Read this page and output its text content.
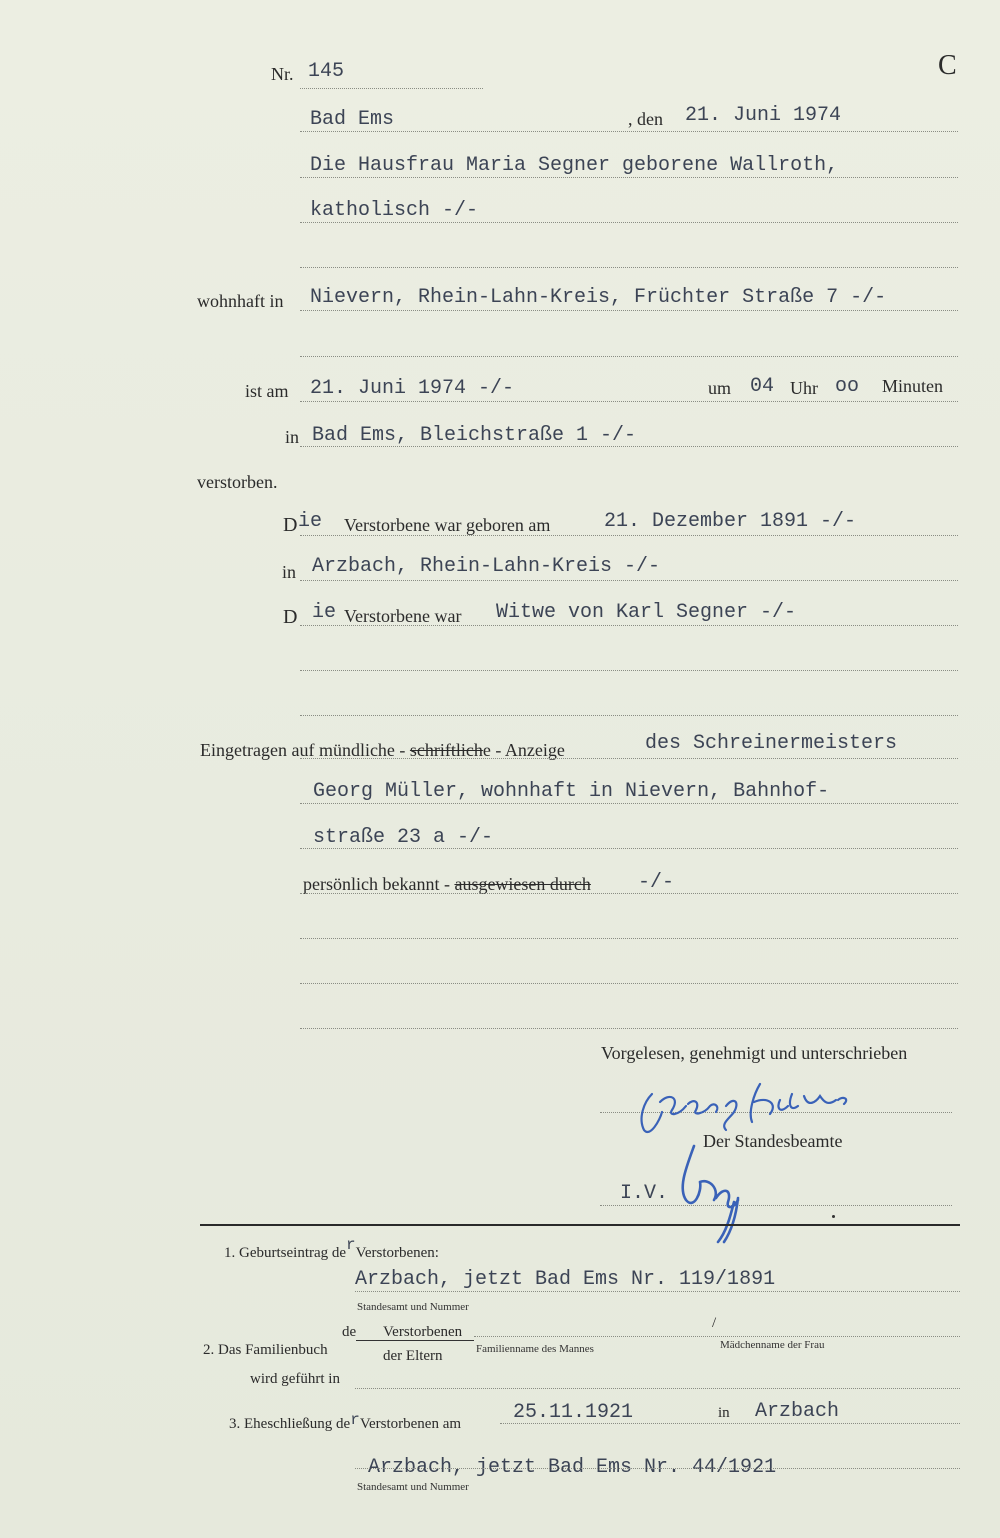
Nr. 145	C
Bad Ems	, den 21. Juni 1974
Die Hausfrau Maria Segner geborene Wallroth,
katholisch -/-
wohnhaft in Nievern, Rhein-Lahn-Kreis, Früchter Straße 7 -/-
ist am 21. Juni 1974 -/-	um 04 Uhr oo Minuten
in Bad Ems, Bleichstraße 1 -/-
verstorben.
D ie Verstorbene war geboren am	21. Dezember 1891 -/-
in Arzbach, Rhein-Lahn-Kreis -/-
D ie Verstorbene war Witwe von Karl Segner -/-
Eingetragen auf mündliche - schriftliche - Anzeige	des Schreinermeisters
Georg Müller, wohnhaft in Nievern, Bahnhof-
straße 23 a -/-
persönlich bekannt - ausgewiesen durch -/-
Vorgelesen, genehmigt und unterschrieben
Der Standesbeamte
I.V.
1. Geburtseintrag derVerstorbenen:
Arzbach, jetzt Bad Ems Nr. 119/1891
Standesamt und Nummer
2. Das Familienbuch
de Verstorbenen
der Eltern	Familienname des Mannes
/
Mädchenname der Frau
wird geführt in
3. Eheschließung derVerstorbenen am	25.11.1921	in Arzbach
Arzbach, jetzt Bad Ems Nr. 44/1921
Standesamt und Nummer
